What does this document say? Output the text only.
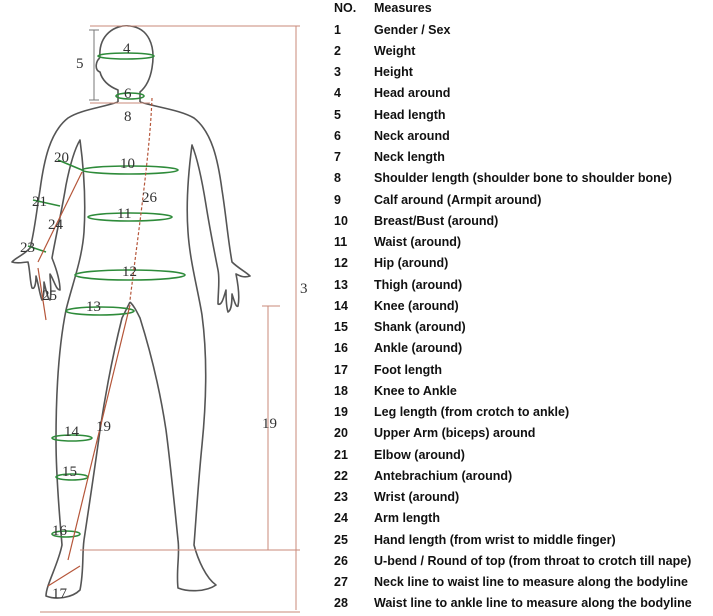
4
5
6
8
10
26
11
12
13
20
21
24
23
25	3
19
19
14
15
16
17
NO.	Measures
1	Gender / Sex
2	Weight
3	Height
4	Head around
5	Head length
6	Neck around
7	Neck length
8	Shoulder length (shoulder bone to shoulder bone)
9	Calf around (Armpit around)
10	Breast/Bust (around)
11	Waist (around)
12	Hip (around)
13	Thigh (around)
14	Knee (around)
15	Shank (around)
16	Ankle (around)
17	Foot length
18	Knee to Ankle
19	Leg length (from crotch to ankle)
20	Upper Arm (biceps) around
21	Elbow (around)
22	Antebrachium (around)
23	Wrist (around)
24	Arm length
25	Hand length (from wrist to middle finger)
26	U-bend / Round of top (from throat to crotch till nape)
27	Neck line to waist line to measure along the bodyline
28	Waist line to ankle line to measure along the bodyline
